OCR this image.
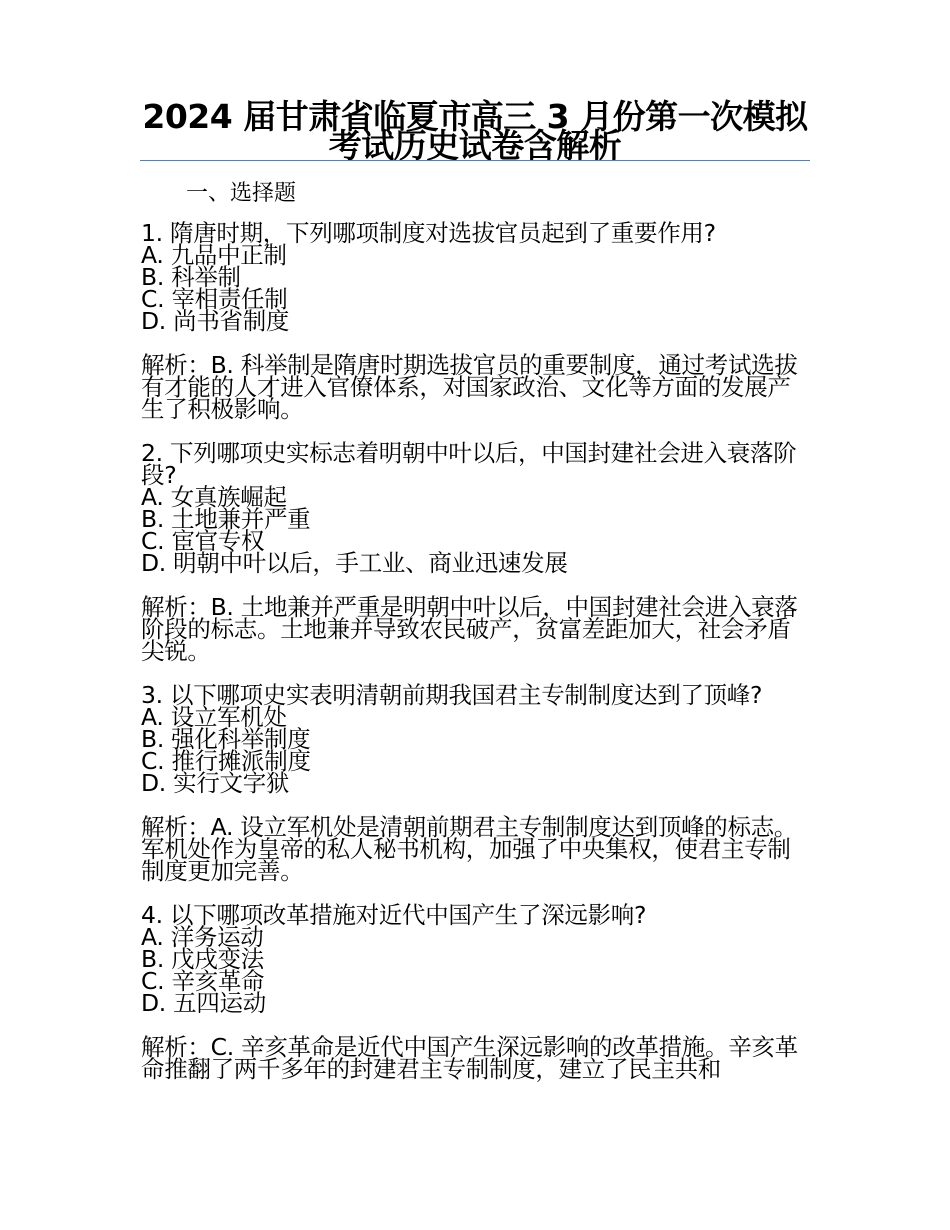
2024 届甘肃省临夏市高三 3 月份第一次模拟考试历史试卷含解析
一、选择题
1. 隋唐时期，下列哪项制度对选拔官员起到了重要作用?
A. 九品中正制
B. 科举制
C. 宰相责任制
D. 尚书省制度
解析：B. 科举制是隋唐时期选拔官员的重要制度，通过考试选拔有才能的人才进入官僚体系，对国家政治、文化等方面的发展产生了积极影响。
2. 下列哪项史实标志着明朝中叶以后，中国封建社会进入衰落阶段?
A. 女真族崛起
B. 土地兼并严重
C. 宦官专权
D. 明朝中叶以后，手工业、商业迅速发展
解析：B. 土地兼并严重是明朝中叶以后，中国封建社会进入衰落阶段的标志。土地兼并导致农民破产，贫富差距加大，社会矛盾尖锐。
3. 以下哪项史实表明清朝前期我国君主专制制度达到了顶峰?
A. 设立军机处
B. 强化科举制度
C. 推行摊派制度
D. 实行文字狱
解析：A. 设立军机处是清朝前期君主专制制度达到顶峰的标志。军机处作为皇帝的私人秘书机构，加强了中央集权，使君主专制制度更加完善。
4. 以下哪项改革措施对近代中国产生了深远影响?
A. 洋务运动
B. 戊戌变法
C. 辛亥革命
D. 五四运动
解析：C. 辛亥革命是近代中国产生深远影响的改革措施。辛亥革命推翻了两千多年的封建君主专制制度，建立了民主共和
